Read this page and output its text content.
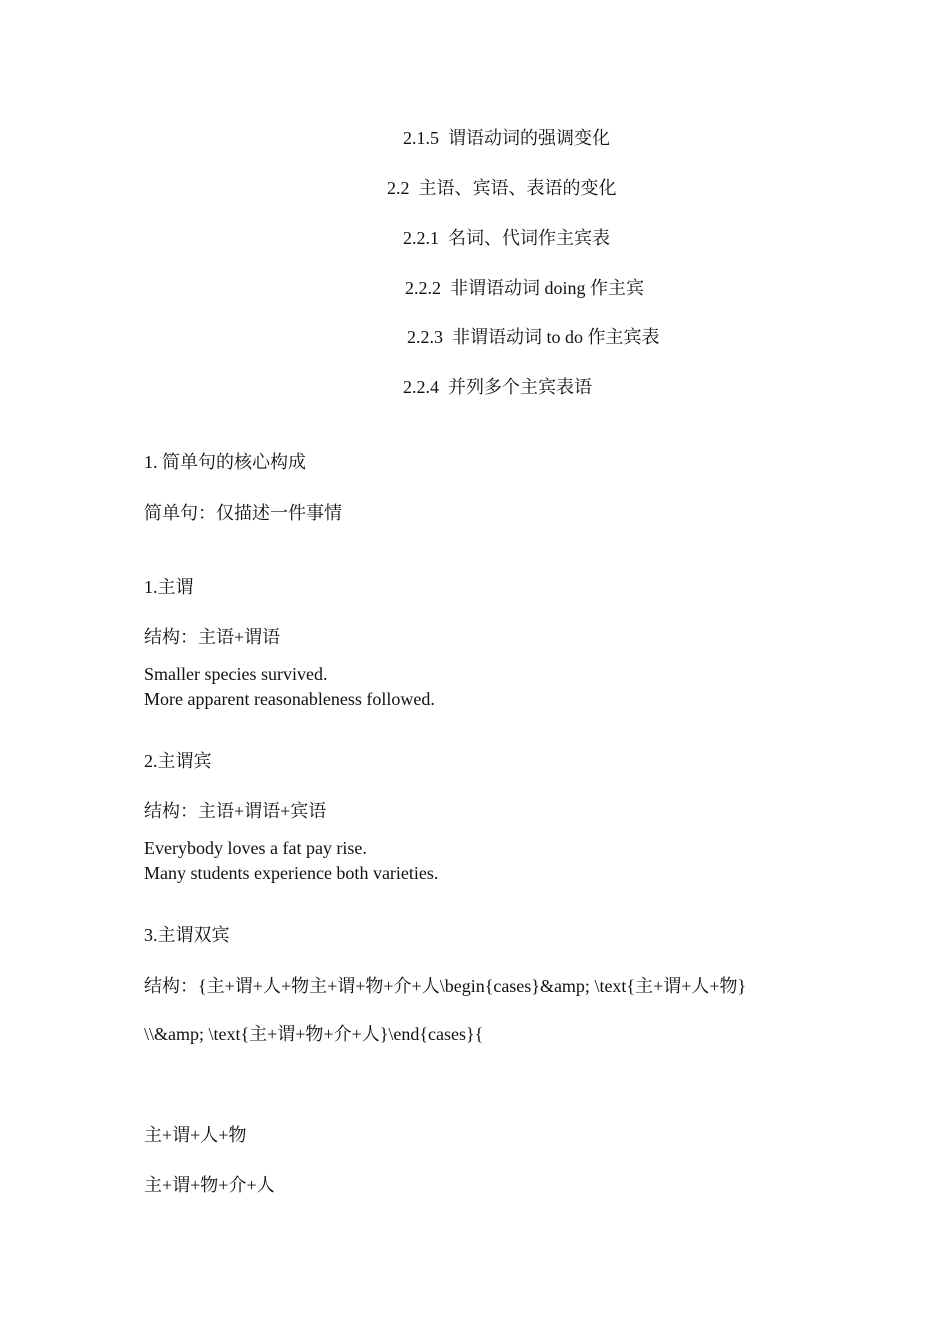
2.1.5 谓语动词的强调变化
2.2 主语、宾语、表语的变化
2.2.1 名词、代词作主宾表
2.2.2 非谓语动词 doing 作主宾
2.2.3 非谓语动词 to do 作主宾表
2.2.4 并列多个主宾表语
1. 简单句的核心构成
简单句：仅描述一件事情
1.主谓
结构：主语+谓语
Smaller species survived.
More apparent reasonableness followed.
2.主谓宾
结构：主语+谓语+宾语
Everybody loves a fat pay rise.
Many students experience both varieties.
3.主谓双宾
结构：{主+谓+人+物主+谓+物+介+人\begin{cases}&amp; \text{主+谓+人+物}
\\&amp; \text{主+谓+物+介+人}\end{cases}{
主+谓+人+物
主+谓+物+介+人
